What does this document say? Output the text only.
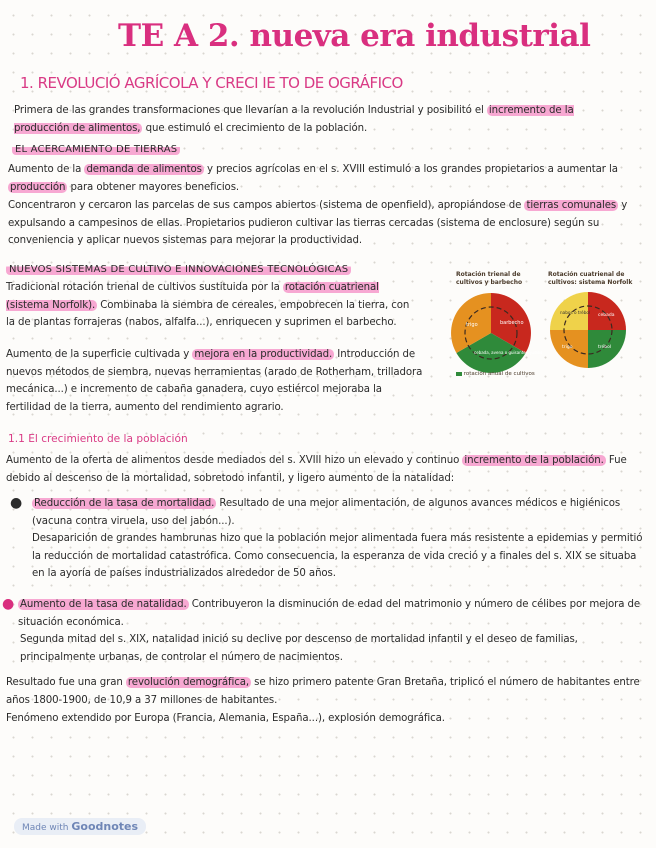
TE A 2. nueva era industrial
1. REVOLUCIÓ AGRÍCOLA Y CRECI IE TO DE OGRÁFICO
Primera de las grandes transformaciones que llevarían a la revolución Industrial y posibilitó el incremento de la producción de alimentos, que estimuló el crecimiento de la población.
EL ACERCAMIENTO DE TIERRAS
Aumento de la demanda de alimentos y precios agrícolas en el s. XVIII estimuló a los grandes propietarios a aumentar la producción para obtener mayores beneficios.
Concentraron y cercaron las parcelas de sus campos abiertos (sistema de openfield), apropiándose de tierras comunales y expulsando a campesinos de ellas. Propietarios pudieron cultivar las tierras cercadas (sistema de enclosure) según su conveniencia y aplicar nuevos sistemas para mejorar la productividad.
NUEVOS SISTEMAS DE CULTIVO E INNOVACIONES TECNOLÓGICAS
Tradicional rotación trienal de cultivos sustituida por la rotación cuatrienal (sistema Norfolk). Combinaba la siembra de cereales, empobrecen la tierra, con la de plantas forrajeras (nabos, alfalfa...), enriquecen y suprimen el barbecho.
Aumento de la superficie cultivada y mejora en la productividad. Introducción de nuevos métodos de siembra, nuevas herramientas (arado de Rotherham, trilladora mecánica...) e incremento de cabaña ganadera, cuyo estiércol mejoraba la fertilidad de la tierra, aumento del rendimiento agrario.
Rotación trienal de cultivos y barbecho
Rotación cuatrienal de cultivos: sistema Norfolk
trigo	barbecho
cebada, avena o guisantes, judías
nabos o trébol
cebada
trigo	trébol
rotación anual de cultivos
1.1 El crecimiento de la población
Aumento de la oferta de alimentos desde mediados del s. XVIII hizo un elevado y continuo incremento de la población. Fue debido al descenso de la mortalidad, sobretodo infantil, y ligero aumento de la natalidad:
● Reducción de la tasa de mortalidad. Resultado de una mejor alimentación, de algunos avances médicos e higiénicos (vacuna contra viruela, uso del jabón...).
Desaparición de grandes hambrunas hizo que la población mejor alimentada fuera más resistente a epidemias y permitió la reducción de mortalidad catastrófica. Como consecuencia, la esperanza de vida creció y a finales del s. XIX se situaba en la ayoría de países industrializados alrededor de 50 años.
● Aumento de la tasa de natalidad. Contribuyeron la disminución de edad del matrimonio y número de célibes por mejora de situación económica.
Segunda mitad del s. XIX, natalidad inició su declive por descenso de mortalidad infantil y el deseo de familias, principalmente urbanas, de controlar el número de nacimientos.
Resultado fue una gran revolución demográfica, se hizo primero patente Gran Bretaña, triplicó el número de habitantes entre años 1800-1900, de 10,9 a 37 millones de habitantes.
Fenómeno extendido por Europa (Francia, Alemania, España...), explosión demográfica.
Made with Goodnotes
